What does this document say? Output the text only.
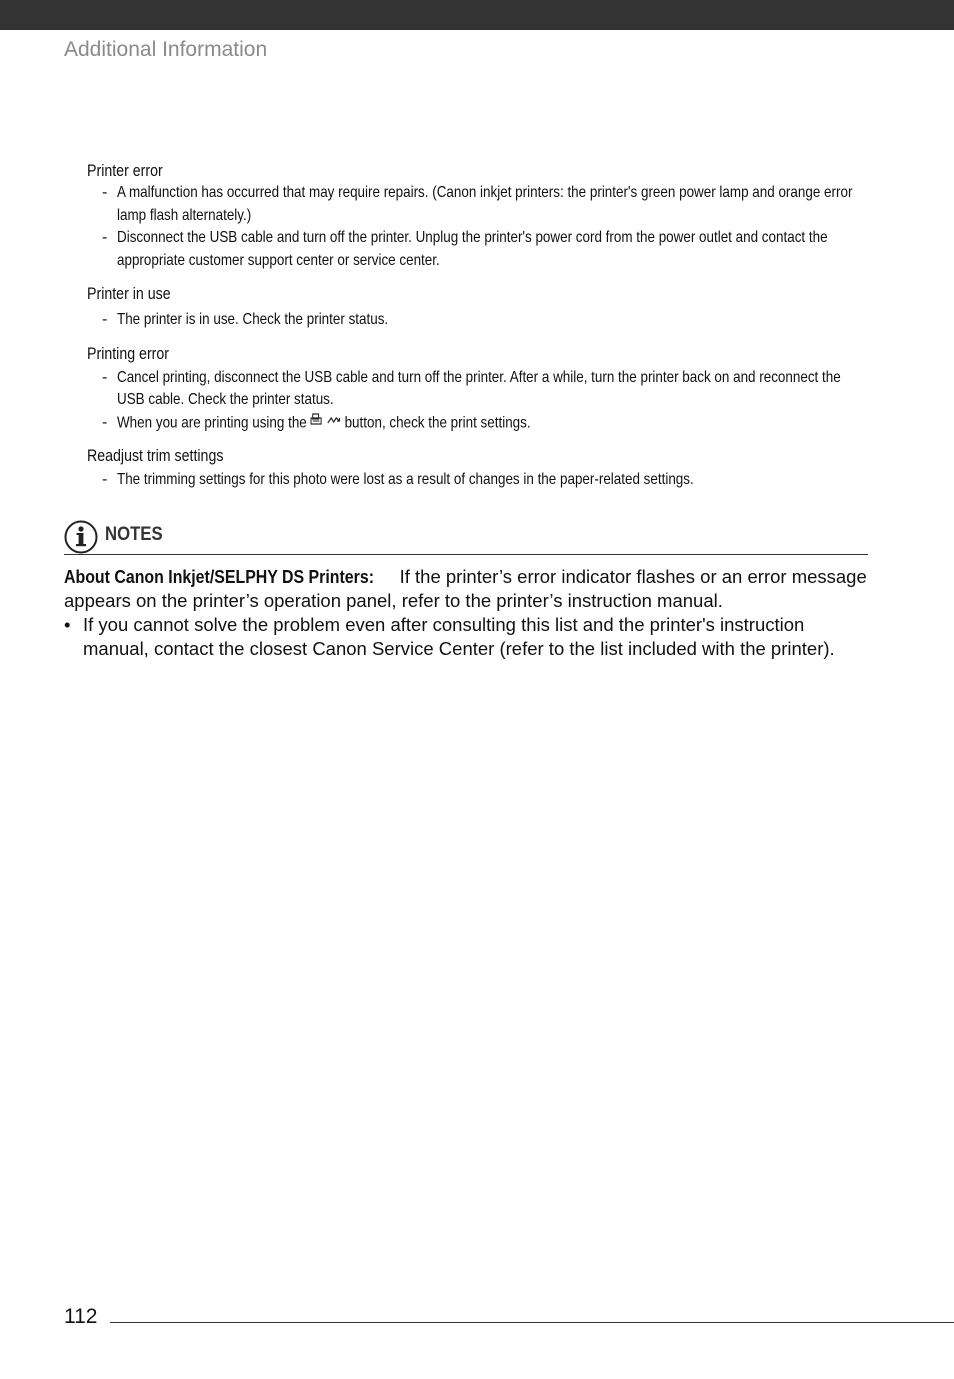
Additional Information
Printer error
- A malfunction has occurred that may require repairs. (Canon inkjet printers: the printer's green power lamp and orange error lamp flash alternately.)
- Disconnect the USB cable and turn off the printer. Unplug the printer's power cord from the power outlet and contact the appropriate customer support center or service center.
Printer in use
- The printer is in use. Check the printer status.
Printing error
- Cancel printing, disconnect the USB cable and turn off the printer. After a while, turn the printer back on and reconnect the USB cable. Check the printer status.
- When you are printing using the button, check the print settings.
Readjust trim settings
- The trimming settings for this photo were lost as a result of changes in the paper-related settings.
NOTES
About Canon Inkjet/SELPHY DS Printers: If the printer’s error indicator flashes or an error message appears on the printer’s operation panel, refer to the printer’s instruction manual.
• If you cannot solve the problem even after consulting this list and the printer's instruction manual, contact the closest Canon Service Center (refer to the list included with the printer).
112
